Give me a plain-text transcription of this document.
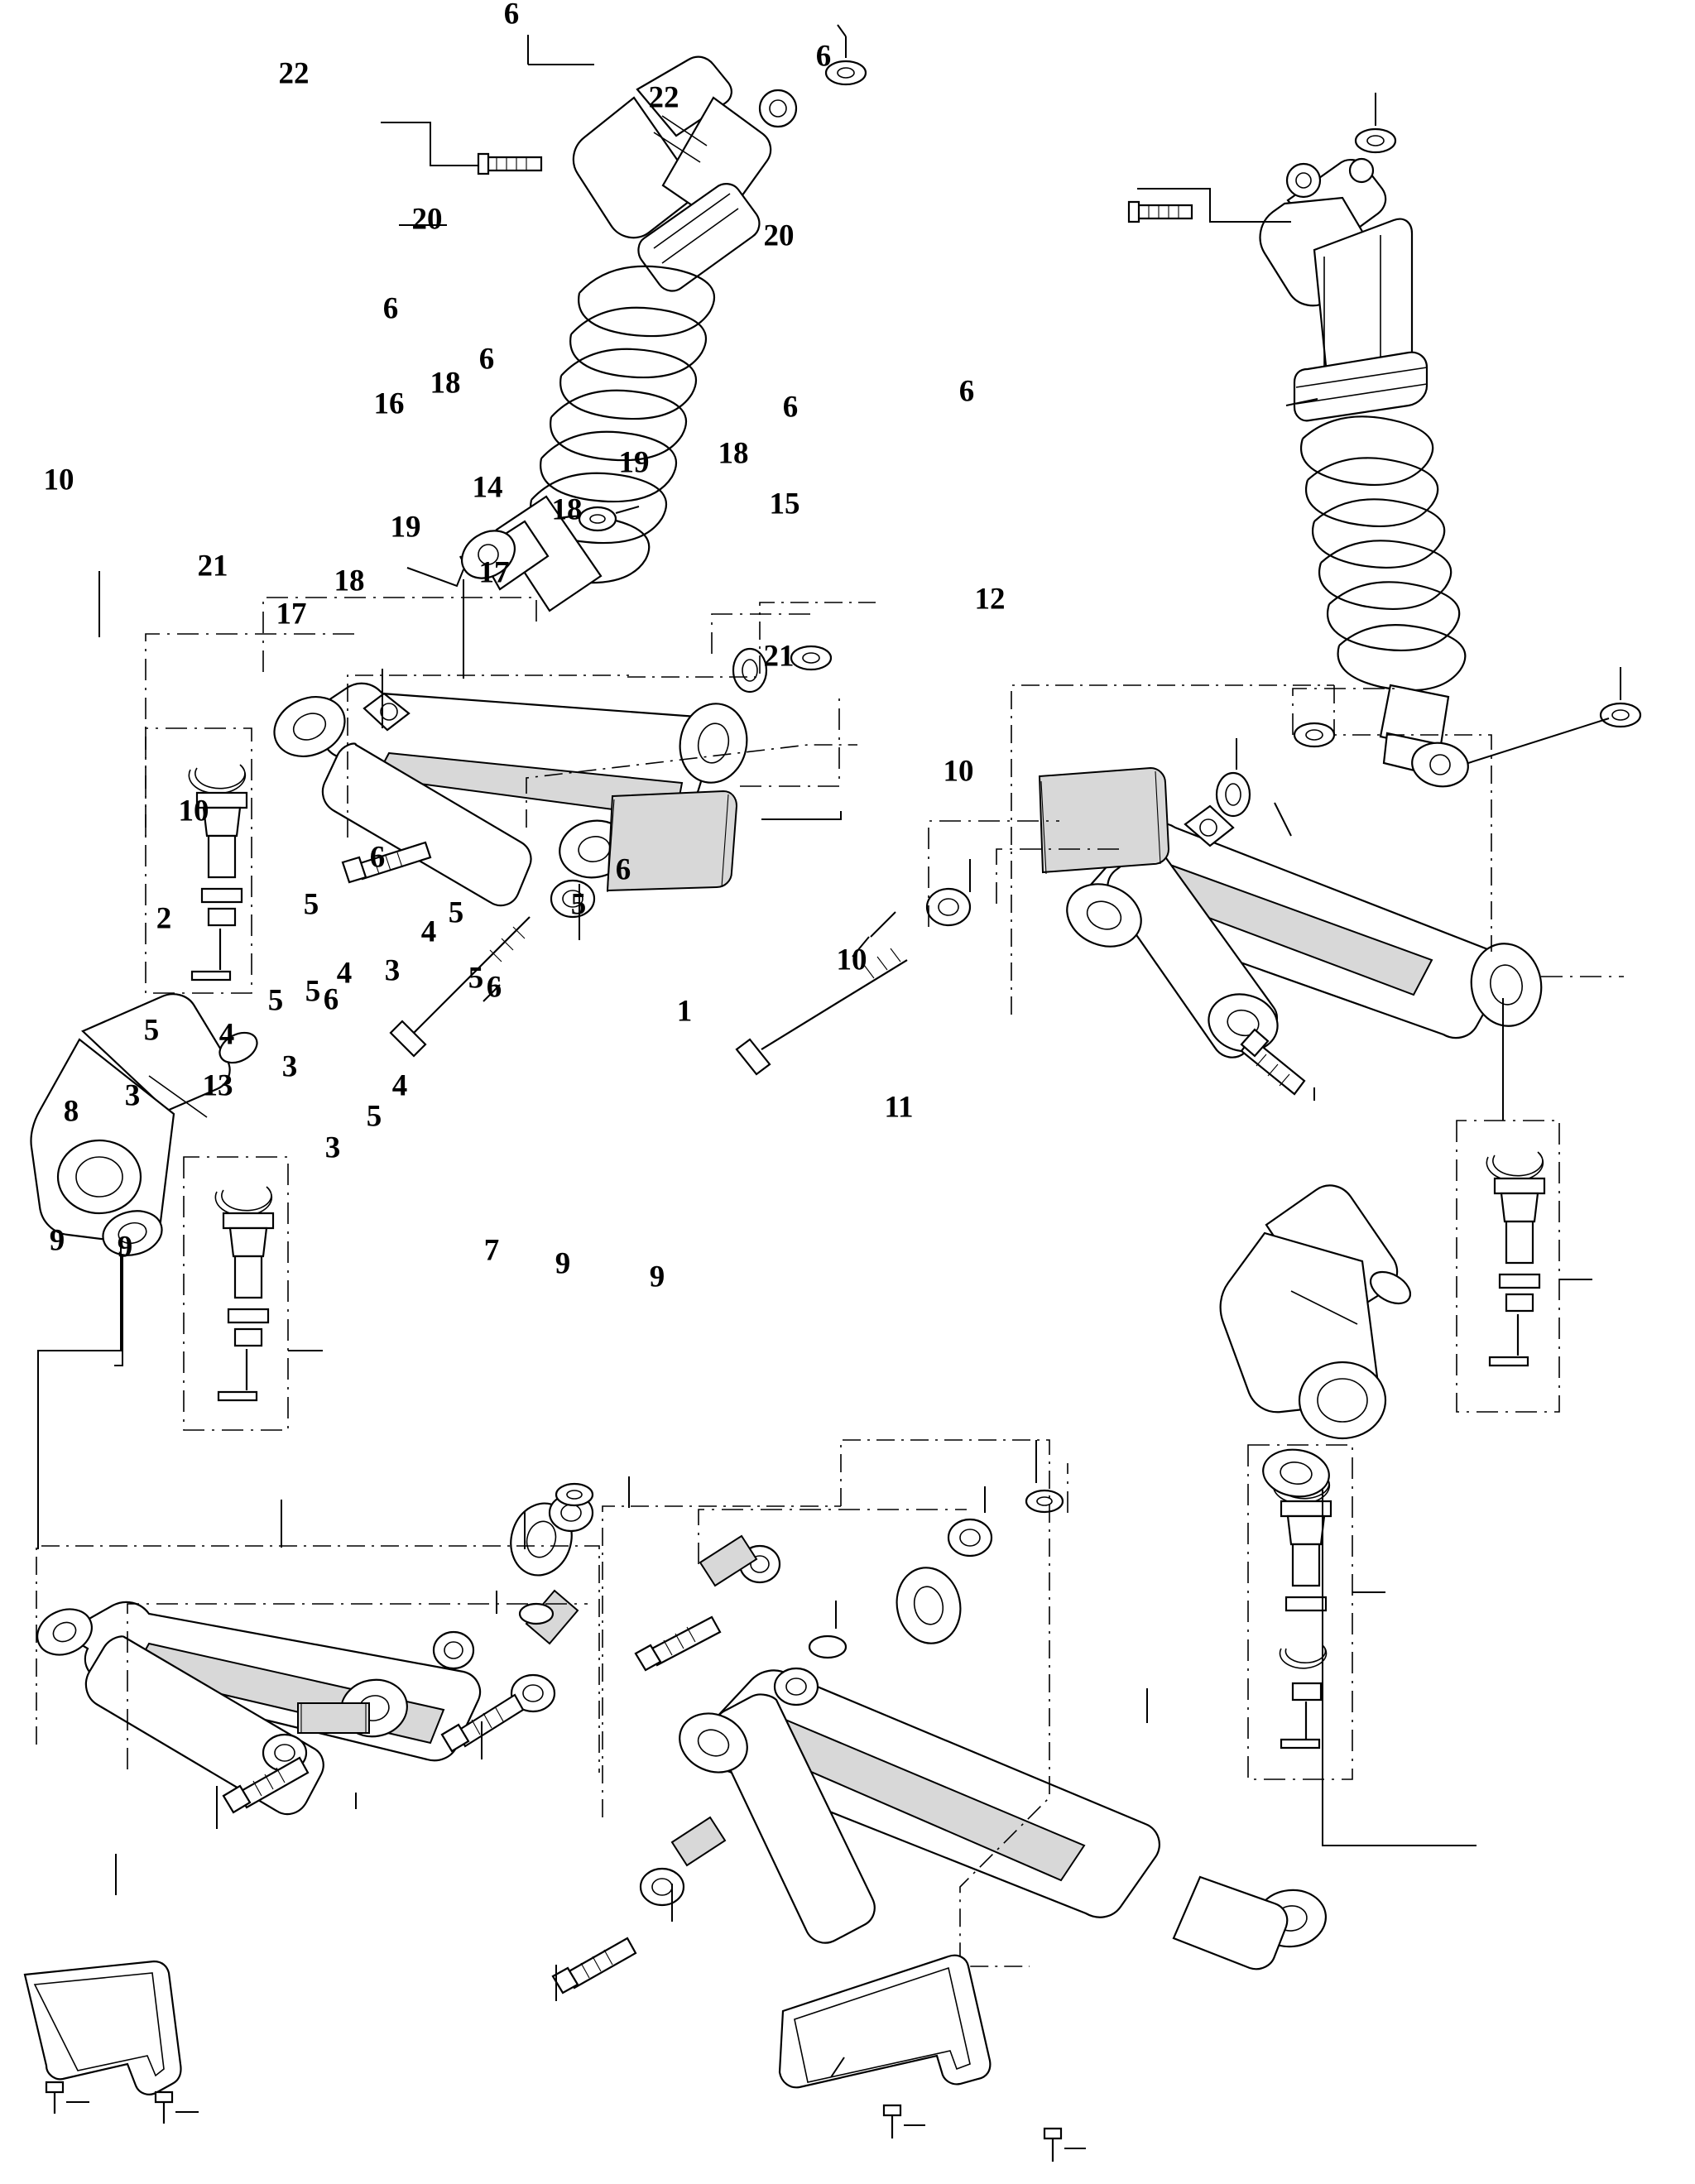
6
22
6
22
20	20
6
6
18
16	6	6
19 18
10	14
18	15
19
21	18	17
12
17
21
10
10
6	6
5	5	5
2	4
10
4 3 5 6
5 6
5	1
4
5
3
13
3	11
8
4
5
3
9 9	7 9	9
